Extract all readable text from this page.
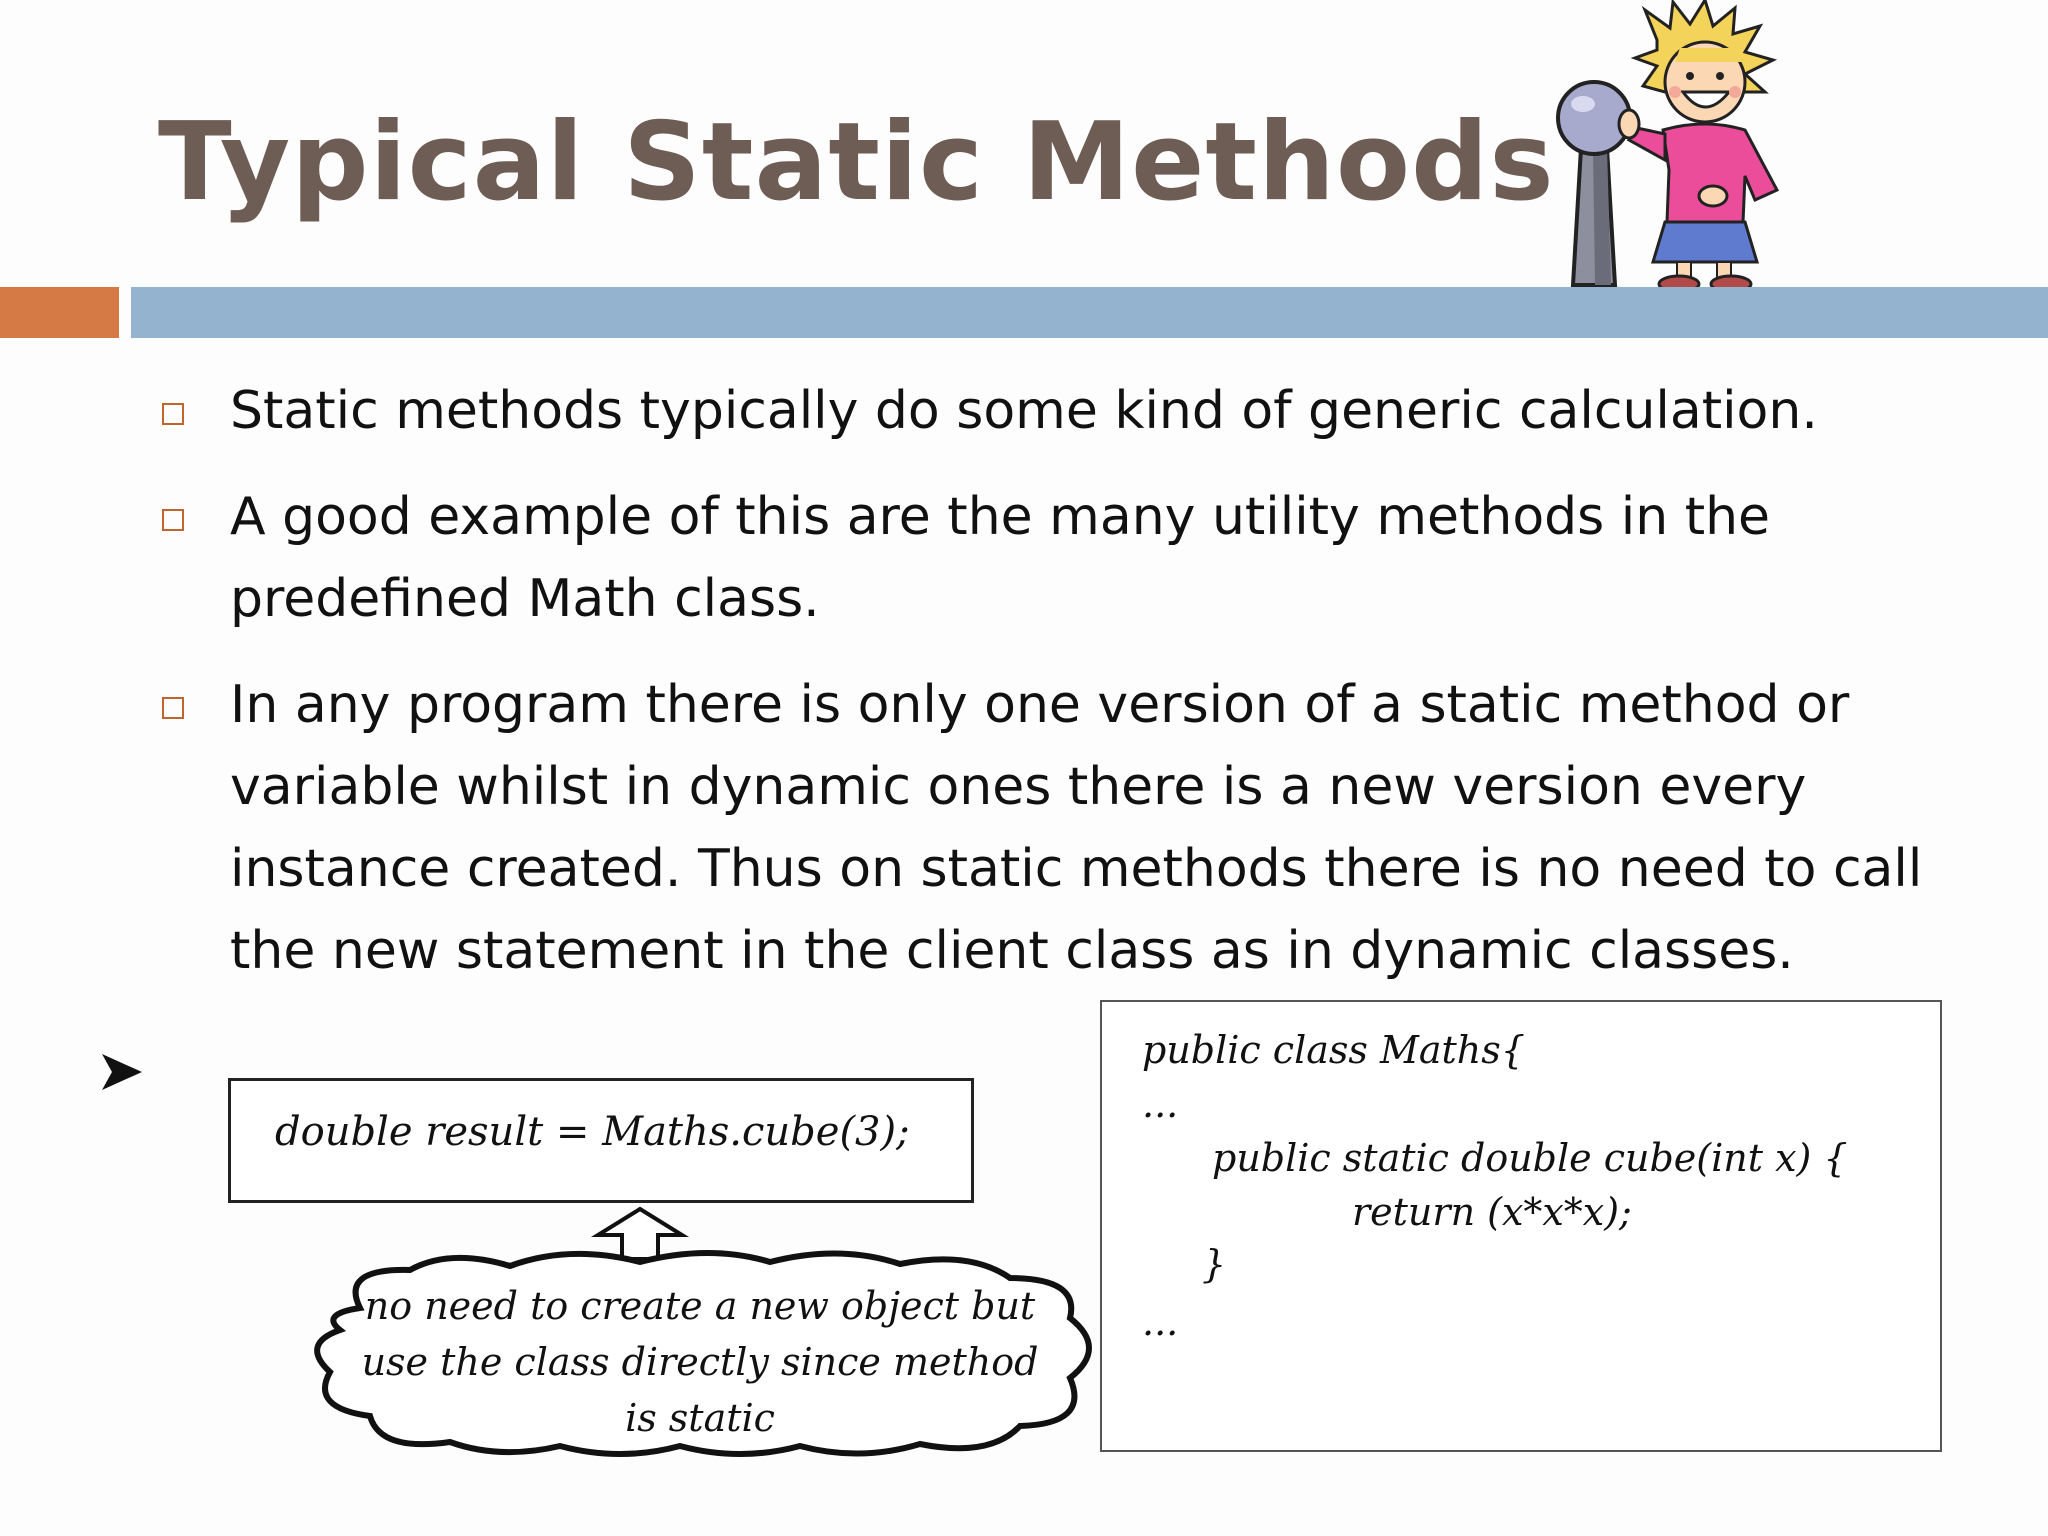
Typical Static Methods
Static methods typically do some kind of generic calculation.
A good example of this are the many utility methods in the predefined Math class.
In any program there is only one version of a static method or variable whilst in dynamic ones there is a new version every instance created. Thus on static methods there is no need to call the new statement in the client class as in dynamic classes.
double result = Maths.cube(3);
no need to create a new object but
use the class directly since method
is static
public class Maths{
...
public static double cube(int x) {
return (x*x*x);
}
...
